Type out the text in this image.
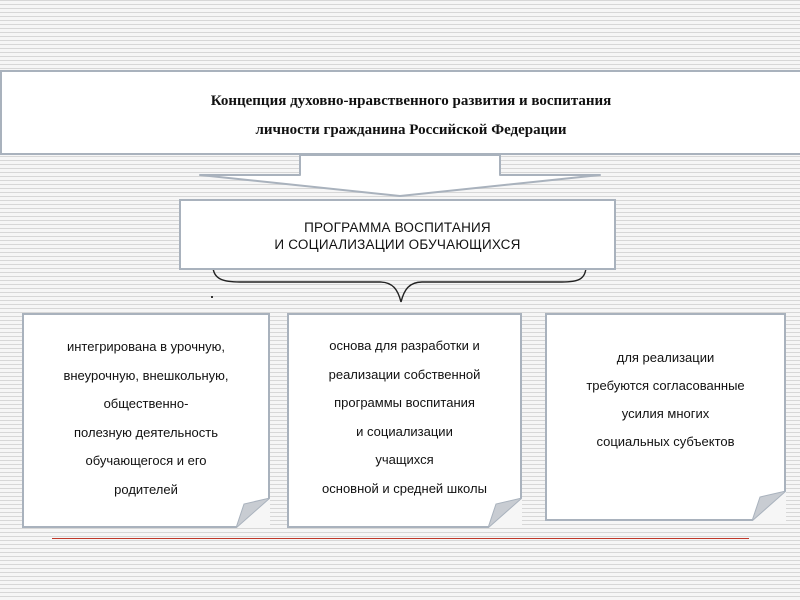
Концепция духовно-нравственного развития и воспитания
личности гражданина Российской Федерации
ПРОГРАММА ВОСПИТАНИЯ
И СОЦИАЛИЗАЦИИ ОБУЧАЮЩИХСЯ
интегрирована в урочную,
внеурочную, внешкольную,
общественно-
полезную деятельность
обучающегося и его
родителей
основа для разработки и
реализации собственной
программы воспитания
и социализации
учащихся
основной и средней школы
для реализации
требуются согласованные
усилия многих
социальных субъектов
